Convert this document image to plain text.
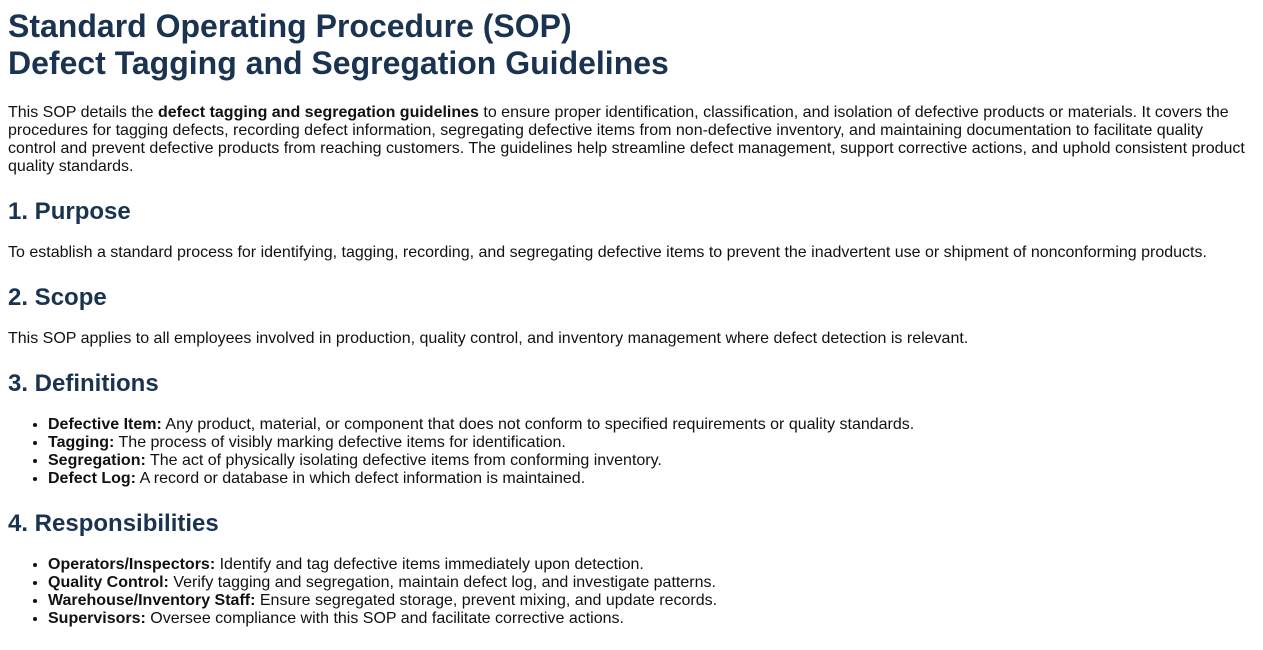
Standard Operating Procedure (SOP)
Defect Tagging and Segregation Guidelines

This SOP details the defect tagging and segregation guidelines to ensure proper identification, classification, and isolation of defective products or materials. It covers the procedures for tagging defects, recording defect information, segregating defective items from non-defective inventory, and maintaining documentation to facilitate quality control and prevent defective products from reaching customers. The guidelines help streamline defect management, support corrective actions, and uphold consistent product quality standards.

1. Purpose

To establish a standard process for identifying, tagging, recording, and segregating defective items to prevent the inadvertent use or shipment of nonconforming products.

2. Scope

This SOP applies to all employees involved in production, quality control, and inventory management where defect detection is relevant.

3. Definitions
• Defective Item: Any product, material, or component that does not conform to specified requirements or quality standards.
• Tagging: The process of visibly marking defective items for identification.
• Segregation: The act of physically isolating defective items from conforming inventory.
• Defect Log: A record or database in which defect information is maintained.
4. Responsibilities
• Operators/Inspectors: Identify and tag defective items immediately upon detection.
• Quality Control: Verify tagging and segregation, maintain defect log, and investigate patterns.
• Warehouse/Inventory Staff: Ensure segregated storage, prevent mixing, and update records.
• Supervisors: Oversee compliance with this SOP and facilitate corrective actions.
